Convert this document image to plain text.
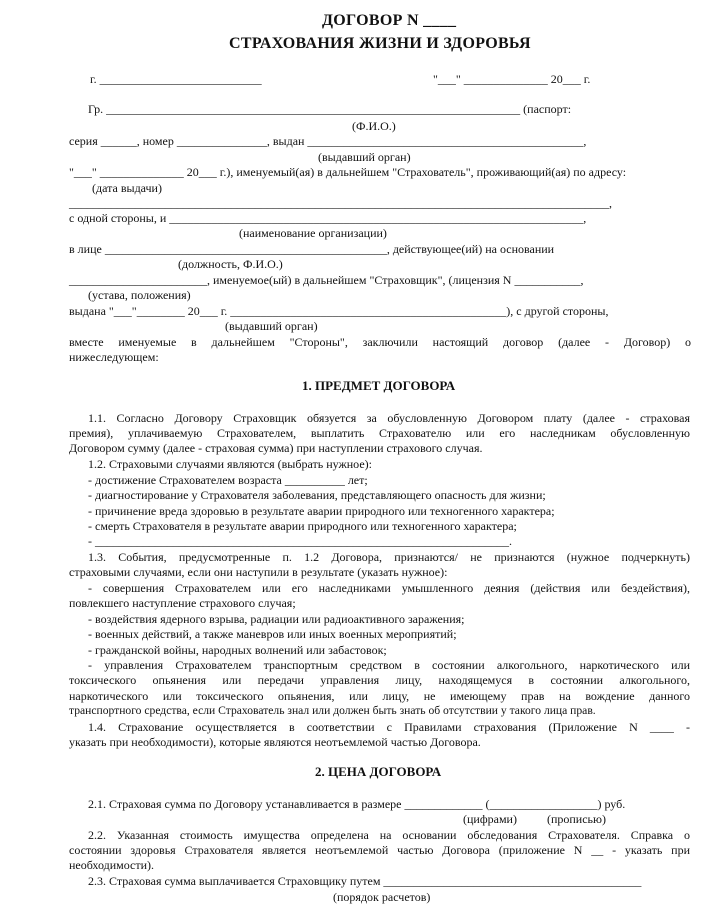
ДОГОВОР N ____
СТРАХОВАНИЯ ЖИЗНИ И ЗДОРОВЬЯ
г. ___________________________	"___" ______________ 20___ г.
Гр. _____________________________________________________________________ (паспорт:
(Ф.И.О.)
серия ______, номер _______________, выдан ______________________________________________,
(выдавший орган)
"___" ______________ 20___ г.), именуемый(ая) в дальнейшем "Страхователь", проживающий(ая) по адресу:
(дата выдачи)
__________________________________________________________________________________________,
с одной стороны, и _____________________________________________________________________,
(наименование организации)
в лице _______________________________________________, действующее(ий) на основании
(должность, Ф.И.О.)
_______________________, именуемое(ый) в дальнейшем "Страховщик", (лицензия N ___________,
(устава, положения)
выдана "___"________ 20___ г. ______________________________________________), с другой стороны,
(выдавший орган)
вместе именуемые в дальнейшем "Стороны", заключили настоящий договор (далее - Договор) о
нижеследующем:
1. ПРЕДМЕТ ДОГОВОРА
1.1. Согласно Договору Страховщик обязуется за обусловленную Договором плату (далее - страховая
премия), уплачиваемую Страхователем, выплатить Страхователю или его наследникам обусловленную
Договором сумму (далее - страховая сумма) при наступлении страхового случая.
1.2. Страховыми случаями являются (выбрать нужное):
- достижение Страхователем возраста __________ лет;
- диагностирование у Страхователя заболевания, представляющего опасность для жизни;
- причинение вреда здоровью в результате аварии природного или техногенного характера;
- смерть Страхователя в результате аварии природного или техногенного характера;
- _____________________________________________________________________.
1.3. События, предусмотренные п. 1.2 Договора, признаются/ не признаются (нужное подчеркнуть)
страховыми случаями, если они наступили в результате (указать нужное):
- совершения Страхователем или его наследниками умышленного деяния (действия или бездействия),
повлекшего наступление страхового случая;
- воздействия ядерного взрыва, радиации или радиоактивного заражения;
- военных действий, а также маневров или иных военных мероприятий;
- гражданской войны, народных волнений или забастовок;
- управления Страхователем транспортным средством в состоянии алкогольного, наркотического или
токсического опьянения или передачи управления лицу, находящемуся в состоянии алкогольного,
наркотического или токсического опьянения, или лицу, не имеющему прав на вождение данного
транспортного средства, если Страхователь знал или должен быть знать об отсутствии у такого лица прав.
1.4. Страхование осуществляется в соответствии с Правилами страхования (Приложение N ____ -
указать при необходимости), которые являются неотъемлемой частью Договора.
2. ЦЕНА ДОГОВОРА
2.1. Страховая сумма по Договору устанавливается в размере _____________ (__________________) руб.
(цифрами)          (прописью)
2.2. Указанная стоимость имущества определена на основании обследования Страхователя. Справка о
состоянии здоровья Страхователя является неотъемлемой частью Договора (приложение N __ - указать при
необходимости).
2.3. Страховая сумма выплачивается Страховщику путем ___________________________________________
(порядок расчетов)
